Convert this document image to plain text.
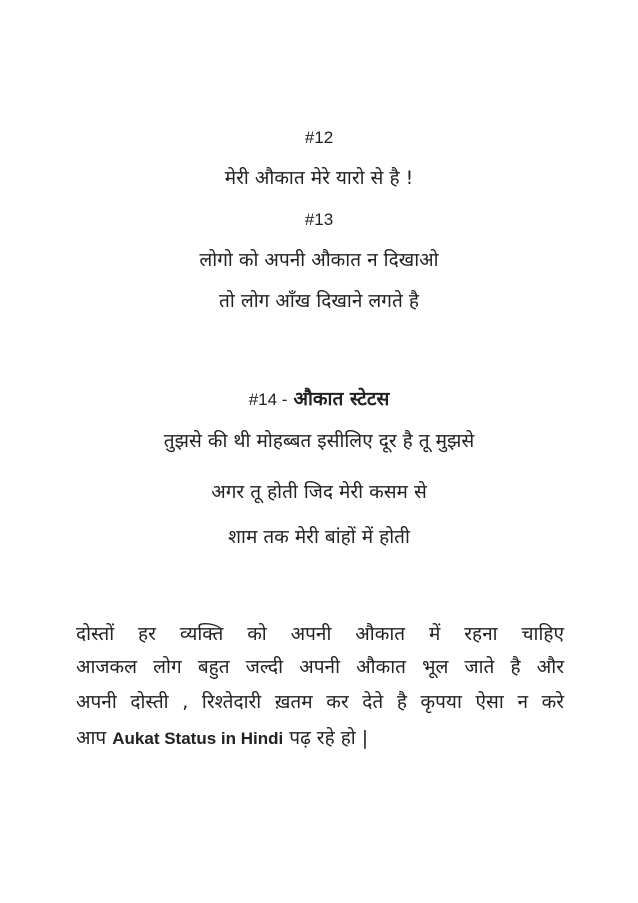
#12
मेरी औकात मेरे यारो से है !
#13
लोगो को अपनी औकात न दिखाओ
तो लोग आँख दिखाने लगते है
#14 - औकात स्टेटस
तुझसे की थी मोहब्बत इसीलिए दूर है तू मुझसे
अगर तू होती जिद मेरी कसम से
शाम तक मेरी बांहों में होती
दोस्तों हर व्यक्ति को अपनी औकात में रहना चाहिए
आजकल लोग बहुत जल्दी अपनी औकात भूल जाते है और
अपनी दोस्ती , रिश्तेदारी ख़तम कर देते है कृपया ऐसा न करे
आप Aukat Status in Hindi पढ़ रहे हो |
